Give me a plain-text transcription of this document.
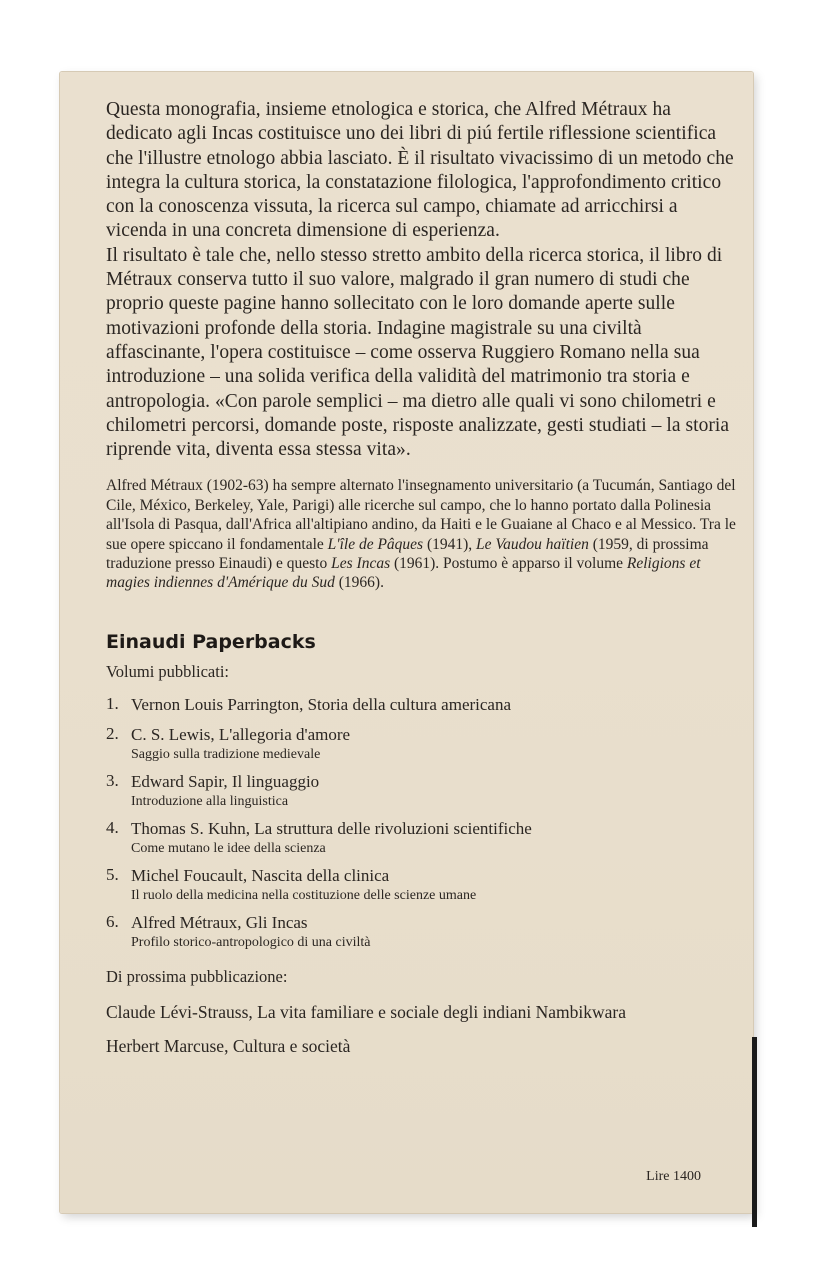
Questa monografia, insieme etnologica e storica, che Alfred Métraux ha dedicato agli Incas costituisce uno dei libri di piú fertile riflessione scientifica che l'illustre etnologo abbia lasciato. È il risultato vivacissimo di un metodo che integra la cultura storica, la constatazione filologica, l'approfondimento critico con la conoscenza vissuta, la ricerca sul campo, chiamate ad arricchirsi a vicenda in una concreta dimensione di esperienza.

Il risultato è tale che, nello stesso stretto ambito della ricerca storica, il libro di Métraux conserva tutto il suo valore, malgrado il gran numero di studi che proprio queste pagine hanno sollecitato con le loro domande aperte sulle motivazioni profonde della storia. Indagine magistrale su una civiltà affascinante, l'opera costituisce – come osserva Ruggiero Romano nella sua introduzione – una solida verifica della validità del matrimonio tra storia e antropologia. «Con parole semplici – ma dietro alle quali vi sono chilometri e chilometri percorsi, domande poste, risposte analizzate, gesti studiati – la storia riprende vita, diventa essa stessa vita».

Alfred Métraux (1902-63) ha sempre alternato l'insegnamento universitario (a Tucumán, Santiago del Cile, México, Berkeley, Yale, Parigi) alle ricerche sul campo, che lo hanno portato dalla Polinesia all'Isola di Pasqua, dall'Africa all'altipiano andino, da Haiti e le Guaiane al Chaco e al Messico. Tra le sue opere spiccano il fondamentale L'île de Pâques (1941), Le Vaudou haïtien (1959, di prossima traduzione presso Einaudi) e questo Les Incas (1961). Postumo è apparso il volume Religions et magies indiennes d'Amérique du Sud (1966).
Einaudi Paperbacks
Volumi pubblicati:
1. Vernon Louis Parrington, Storia della cultura americana
2. C. S. Lewis, L'allegoria d'amore
Saggio sulla tradizione medievale
3. Edward Sapir, Il linguaggio
Introduzione alla linguistica
4. Thomas S. Kuhn, La struttura delle rivoluzioni scientifiche
Come mutano le idee della scienza
5. Michel Foucault, Nascita della clinica
Il ruolo della medicina nella costituzione delle scienze umane
6. Alfred Métraux, Gli Incas
Profilo storico-antropologico di una civiltà
Di prossima pubblicazione:
Claude Lévi-Strauss, La vita familiare e sociale degli indiani Nambikwara
Herbert Marcuse, Cultura e società
Lire 1400
